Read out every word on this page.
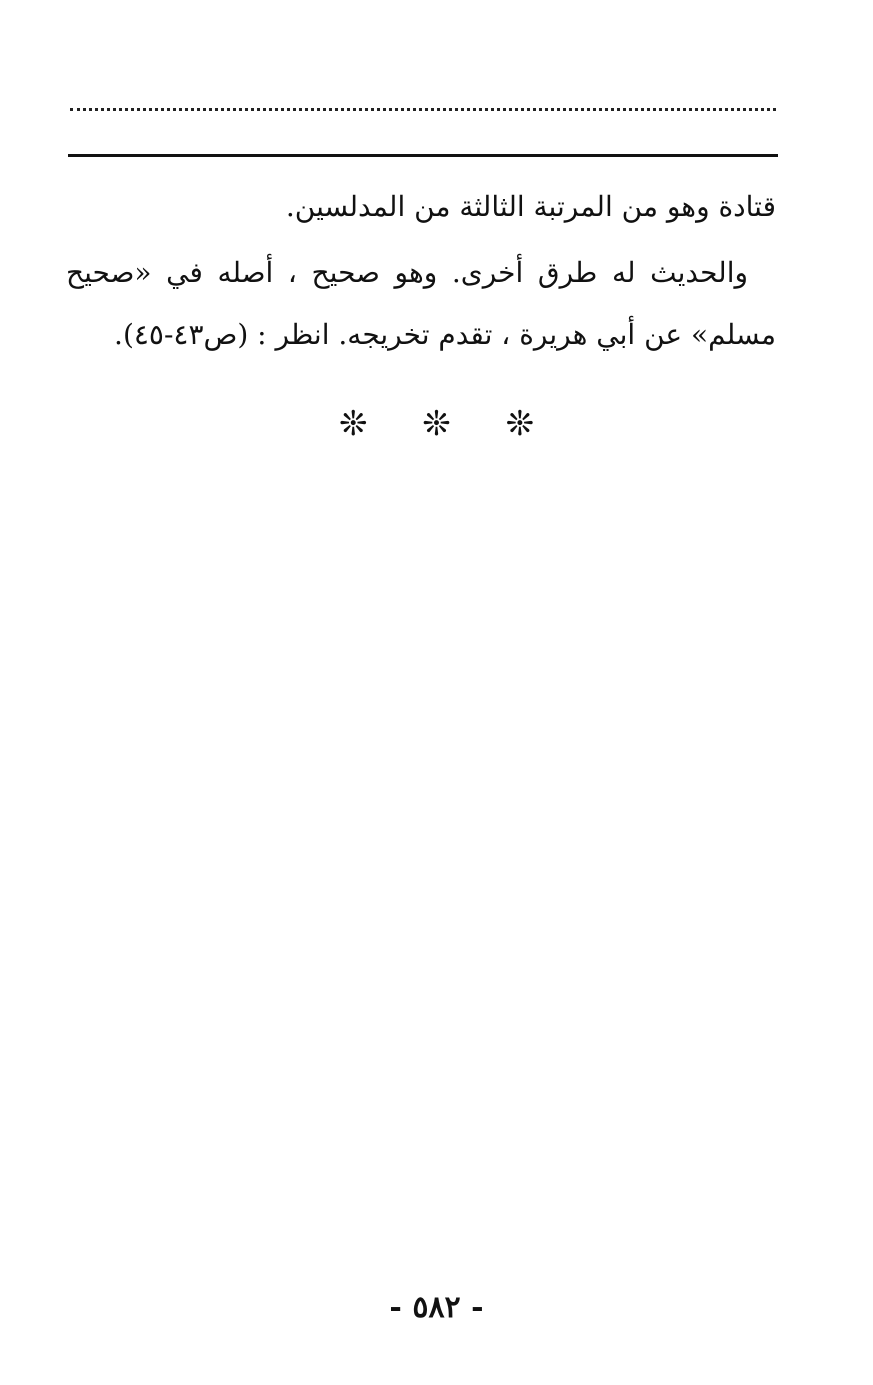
قتادة وهو من المرتبة الثالثة من المدلسين.
والحديث له طرق أخرى. وهو صحيح ، أصله في «صحيح
مسلم» عن أبي هريرة ، تقدم تخريجه. انظر : (ص٤٣-٤٥).
❊ ❊ ❊
- ٥٨٢ -
